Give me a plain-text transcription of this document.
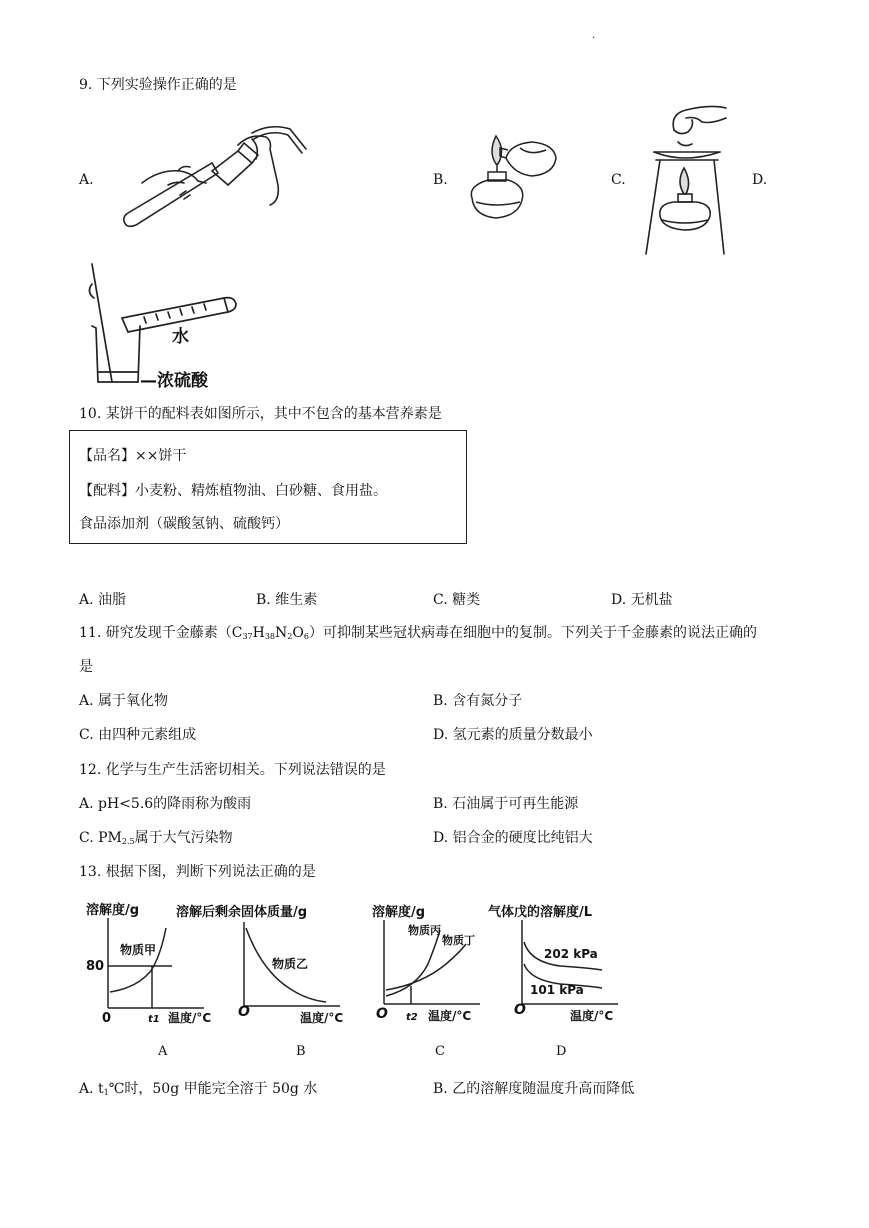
.
9. 下列实验操作正确的是
A.	B.	C.	D.
水
—浓硫酸
10. 某饼干的配料表如图所示，其中不包含的基本营养素是
【品名】××饼干
【配料】小麦粉、精炼植物油、白砂糖、食用盐。
食品添加剂（碳酸氢钠、硫酸钙）
A. 油脂	B. 维生素	C. 糖类	D. 无机盐
11. 研究发现千金藤素$(C_{37}H_{38}N_2O_6)$可抑制某些冠状病毒在细胞中的复制。下列关于千金藤素的说法正确的
是
A. 属于氧化物	B. 含有氮分子
C. 由四种元素组成	D. 氢元素的质量分数最小
12. 化学与生产生活密切相关。下列说法错误的是
A. pH<5.6的降雨称为酸雨	B. 石油属于可再生能源
C. $PM_{2.5}$属于大气污染物	D. 铝合金的硬度比纯铝大
13. 根据下图，判断下列说法正确的是
溶解度/g
物质甲
80
0	t1 温度/°C
A
溶解后剩余固体质量/g
物质乙
O	温度/°C
B
溶解度/g
物质丙
物质丁
O t2 温度/°C
C
气体戊的溶解度/L
202 kPa
101 kPa
O	温度/°C
D
A. $t_1℃$时，50g 甲能完全溶于 50g 水	B. 乙的溶解度随温度升高而降低
